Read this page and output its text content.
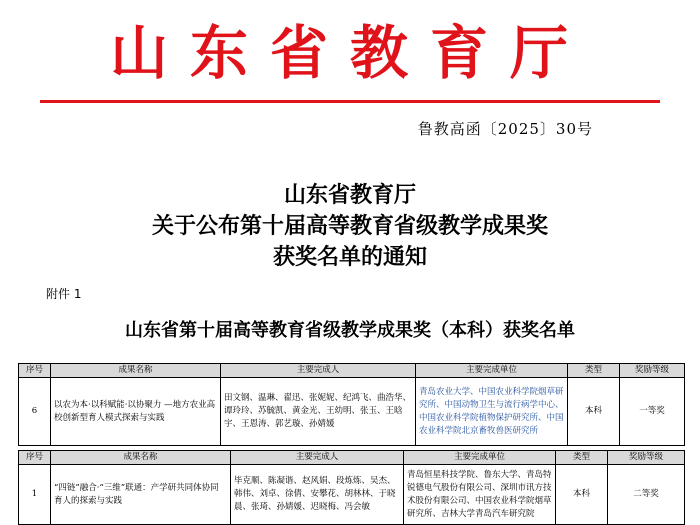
山东省教育厅
鲁教高函〔2025〕30号
山东省教育厅
关于公布第十届高等教育省级教学成果奖
获奖名单的通知
附件 1
山东省第十届高等教育省级教学成果奖（本科）获奖名单
序号	成果名称	主要完成人	主要完成单位	类型	奖励等级
6	以农为本·以科赋能·以协聚力 —地方农业高校创新型育人模式探索与实践	田文钢、温琳、翟迅、张妮妮、纪鸿飞、曲浩华、谭玲玲、苏毓凯、黄金光、王幼明、张玉、王晗宇、王恩涛、郭艺璇、孙婧媛	青岛农业大学、中国农业科学院烟草研究所、中国动物卫生与流行病学中心、中国农业科学院植物保护研究所、中国农业科学院北京畜牧兽医研究所	本科	一等奖
序号	成果名称	主要完成人	主要完成单位	类型	奖励等级
1	“四链”融合·“三维”联通：产学研共同体协同育人的探索与实践	毕克顺、陈凝谐、赵风娟、段炼炼、吴杰、韩伟、刘卓、徐倩、安攀花、胡林林、于晓晨、张琦、孙婧媛、迟晓梅、冯会敏	青岛恒星科技学院、鲁东大学、青岛特锐德电气股份有限公司、深圳市讯方技术股份有限公司、中国农业科学院烟草研究所、吉林大学青岛汽车研究院	本科	二等奖
